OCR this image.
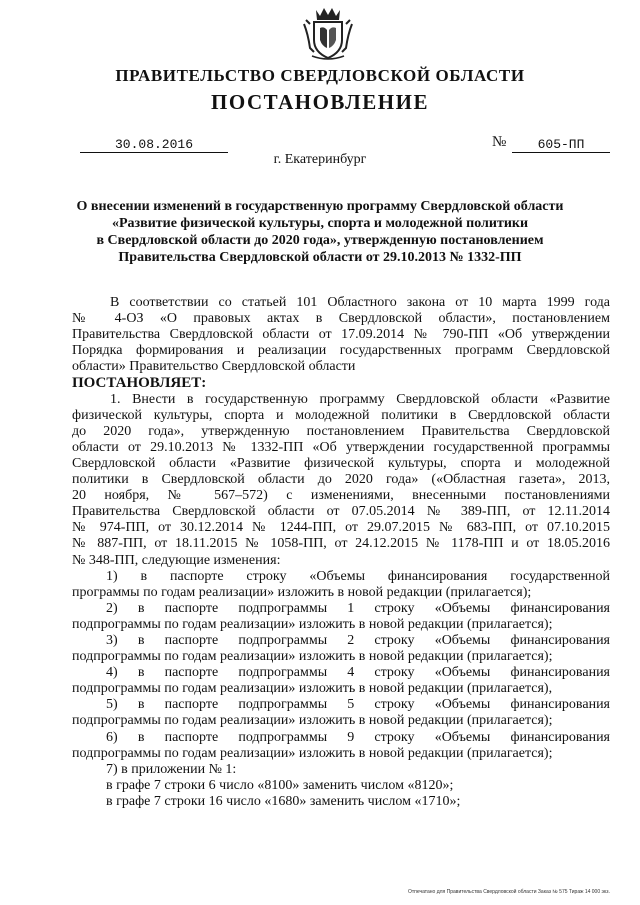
ПРАВИТЕЛЬСТВО СВЕРДЛОВСКОЙ ОБЛАСТИ
ПОСТАНОВЛЕНИЕ
30.08.2016	№	605-ПП
г. Екатеринбург
О внесении изменений в государственную программу Свердловской области
«Развитие физической культуры, спорта и молодежной политики
в Свердловской области до 2020 года», утвержденную постановлением
Правительства Свердловской области от 29.10.2013 № 1332-ПП
В соответствии со статьей 101 Областного закона от 10 марта 1999 года
№ 4-ОЗ «О правовых актах в Свердловской области», постановлением
Правительства Свердловской области от 17.09.2014 № 790-ПП «Об утверждении
Порядка формирования и реализации государственных программ Свердловской
области» Правительство Свердловской области
ПОСТАНОВЛЯЕТ:
1. Внести в государственную программу Свердловской области «Развитие
физической культуры, спорта и молодежной политики в Свердловской области
до 2020 года», утвержденную постановлением Правительства Свердловской
области от 29.10.2013 № 1332-ПП «Об утверждении государственной программы
Свердловской области «Развитие физической культуры, спорта и молодежной
политики в Свердловской области до 2020 года» («Областная газета», 2013,
20 ноября, № 567–572) с изменениями, внесенными постановлениями
Правительства Свердловской области от 07.05.2014 № 389-ПП, от 12.11.2014
№ 974-ПП, от 30.12.2014 № 1244-ПП, от 29.07.2015 № 683-ПП, от 07.10.2015
№ 887-ПП, от 18.11.2015 № 1058-ПП, от 24.12.2015 № 1178-ПП и от 18.05.2016
№ 348-ПП, следующие изменения:
1) в паспорте строку «Объемы финансирования государственной
программы по годам реализации» изложить в новой редакции (прилагается);
2) в паспорте подпрограммы 1 строку «Объемы финансирования
подпрограммы по годам реализации» изложить в новой редакции (прилагается);
3) в паспорте подпрограммы 2 строку «Объемы финансирования
подпрограммы по годам реализации» изложить в новой редакции (прилагается);
4) в паспорте подпрограммы 4 строку «Объемы финансирования
подпрограммы по годам реализации» изложить в новой редакции (прилагается),
5) в паспорте подпрограммы 5 строку «Объемы финансирования
подпрограммы по годам реализации» изложить в новой редакции (прилагается);
6) в паспорте подпрограммы 9 строку «Объемы финансирования
подпрограммы по годам реализации» изложить в новой редакции (прилагается);
7) в приложении № 1:
в графе 7 строки 6 число «8100» заменить числом «8120»;
в графе 7 строки 16 число «1680» заменить числом «1710»;
Отпечатано для Правительства Свердловской области Заказ № 575 Тираж 14 000 экз.
